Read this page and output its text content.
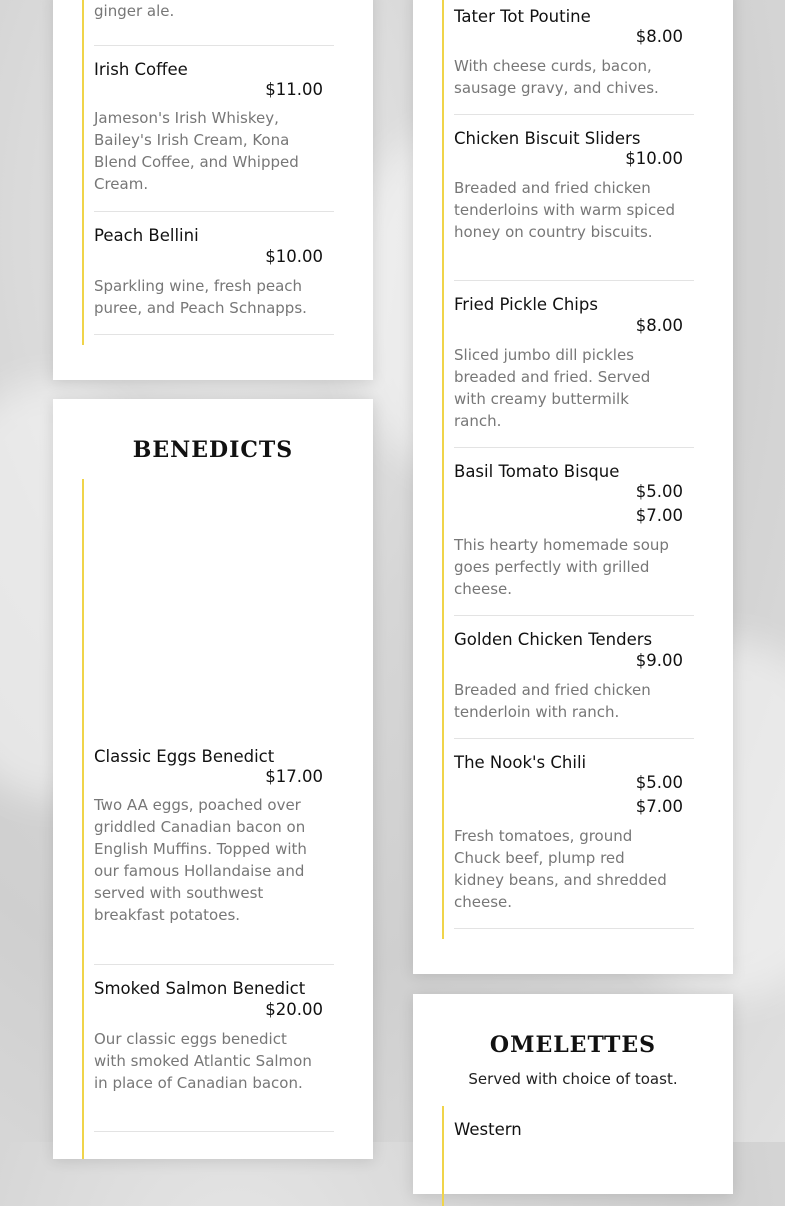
ginger ale.
Irish Coffee
$11.00
Jameson's Irish Whiskey, Bailey's Irish Cream, Kona Blend Coffee, and Whipped Cream.
Peach Bellini
$10.00
Sparkling wine, fresh peach puree, and Peach Schnapps.
BENEDICTS
Classic Eggs Benedict
$17.00
Two AA eggs, poached over griddled Canadian bacon on English Muffins. Topped with our famous Hollandaise and served with southwest breakfast potatoes.
Smoked Salmon Benedict
$20.00
Our classic eggs benedict with smoked Atlantic Salmon in place of Canadian bacon.
Tater Tot Poutine
$8.00
With cheese curds, bacon, sausage gravy, and chives.
Chicken Biscuit Sliders
$10.00
Breaded and fried chicken tenderloins with warm spiced honey on country biscuits.
Fried Pickle Chips
$8.00
Sliced jumbo dill pickles breaded and fried. Served with creamy buttermilk ranch.
Basil Tomato Bisque
$5.00
$7.00
This hearty homemade soup goes perfectly with grilled cheese.
Golden Chicken Tenders
$9.00
Breaded and fried chicken tenderloin with ranch.
The Nook's Chili
$5.00
$7.00
Fresh tomatoes, ground Chuck beef, plump red kidney beans, and shredded cheese.
OMELETTES
Served with choice of toast.
Western
